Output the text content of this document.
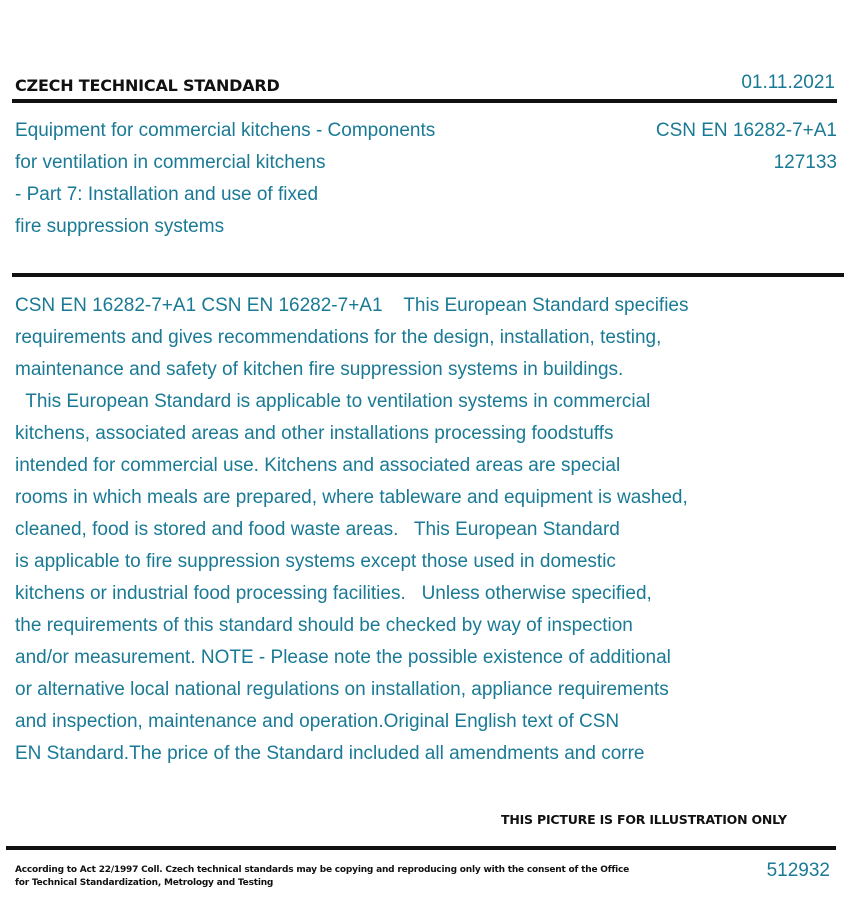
CZECH TECHNICAL STANDARD	01.11.2021
Equipment for commercial kitchens - Components
for ventilation in commercial kitchens
- Part 7: Installation and use of fixed
fire suppression systems
CSN EN 16282-7+A1
127133
CSN EN 16282-7+A1 CSN EN 16282-7+A1    This European Standard specifies
requirements and gives recommendations for the design, installation, testing,
maintenance and safety of kitchen fire suppression systems in buildings.
This European Standard is applicable to ventilation systems in commercial
kitchens, associated areas and other installations processing foodstuffs
intended for commercial use. Kitchens and associated areas are special
rooms in which meals are prepared, where tableware and equipment is washed,
cleaned, food is stored and food waste areas.   This European Standard
is applicable to fire suppression systems except those used in domestic
kitchens or industrial food processing facilities.   Unless otherwise specified,
the requirements of this standard should be checked by way of inspection
and/or measurement. NOTE - Please note the possible existence of additional
or alternative local national regulations on installation, appliance requirements
and inspection, maintenance and operation.Original English text of CSN
EN Standard.The price of the Standard included all amendments and corre
THIS PICTURE IS FOR ILLUSTRATION ONLY
According to Act 22/1997 Coll. Czech technical standards may be copying and reproducing only with the consent of the Office
for Technical Standardization, Metrology and Testing
512932
